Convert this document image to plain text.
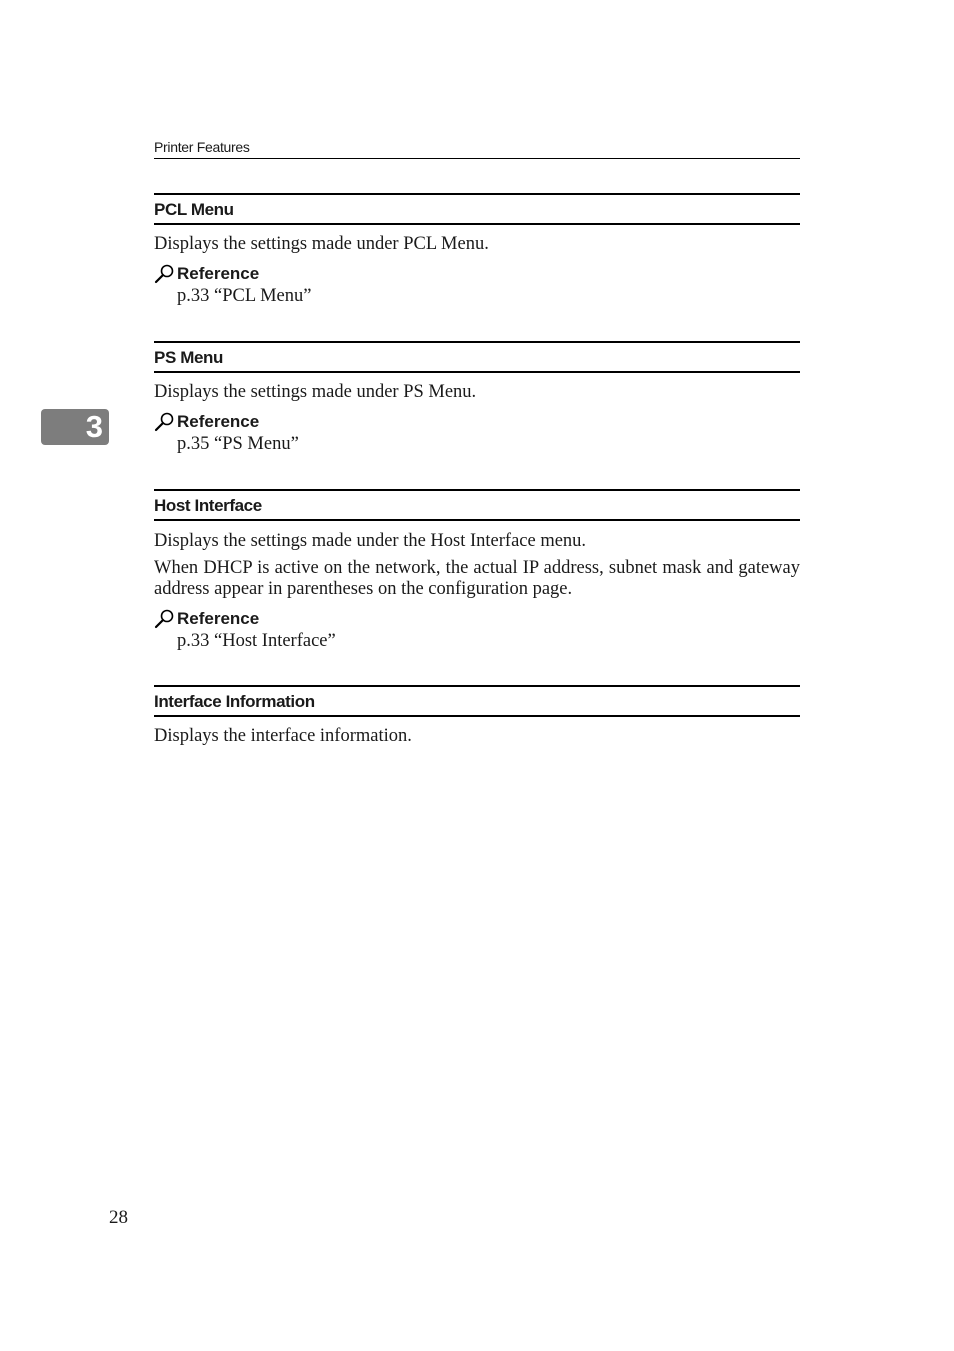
Printer Features
3
PCL Menu
Displays the settings made under PCL Menu.
Reference
p.33 “PCL Menu”
PS Menu
Displays the settings made under PS Menu.
Reference
p.35 “PS Menu”
Host Interface
Displays the settings made under the Host Interface menu.
When DHCP is active on the network, the actual IP address, subnet mask and gateway address appear in parentheses on the configuration page.
Reference
p.33 “Host Interface”
Interface Information
Displays the interface information.
28
